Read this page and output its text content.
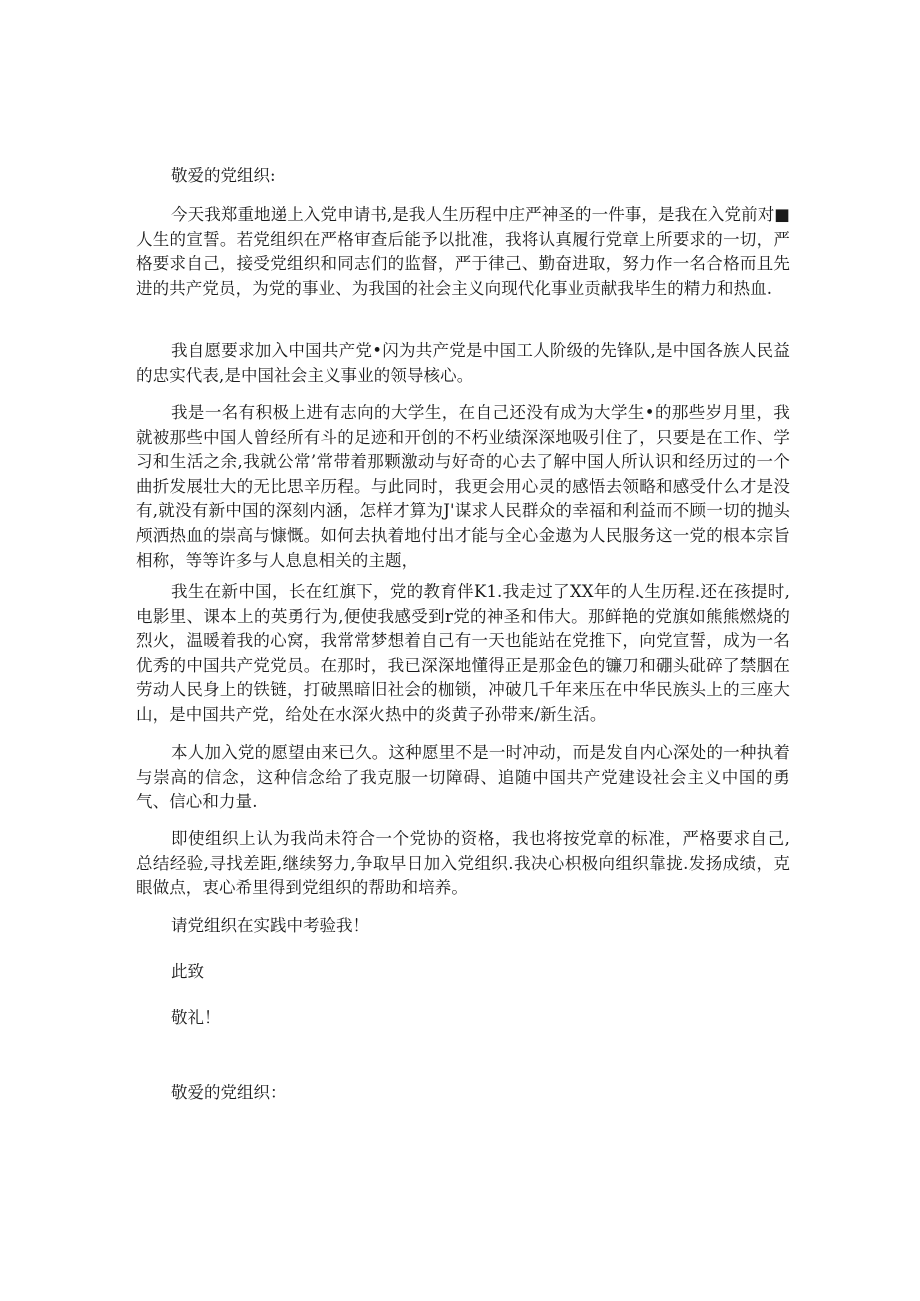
敬爱的党组织:

今天我郑重地递上入党申请书,是我人生历程中庄严神圣的一件事，是我在入党前对■人生的宣誓。若党组织在严格审查后能予以批准，我将认真履行党章上所要求的一切，严格要求自己，接受党组织和同志们的监督，严于律己、勤奋进取，努力作一名合格而且先进的共产党员，为党的事业、为我国的社会主义向现代化事业贡献我毕生的精力和热血.

我自愿要求加入中国共产党•闪为共产党是中国工人阶级的先锋队,是中国各族人民益的忠实代表,是中国社会主义事业的领导核心。

我是一名有积极上进有志向的大学生，在自己还没有成为大学生•的那些岁月里，我就被那些中国人曾经所有斗的足迹和开创的不朽业绩深深地吸引住了，只要是在工作、学习和生活之余,我就公常’常带着那颗激动与好奇的心去了解中国人所认识和经历过的一个曲折发展壮大的无比思辛历程。与此同时，我更会用心灵的感悟去领略和感受什么才是没有,就没有新中国的深刻内涵，怎样才算为J'谋求人民群众的幸福和利益而不顾一切的抛头颅洒热血的崇高与慷慨。如何去执着地付出才能与全心金遨为人民服务这一党的根本宗旨相称，等等许多与人息息相关的主题，

我生在新中国，长在红旗下，党的教育伴K1.我走过了XX年的人生历程.还在孩提时,电影里、课本上的英勇行为,便使我感受到r党的神圣和伟大。那鲜艳的党旗如熊熊燃烧的烈火，温暖着我的心窝，我常常梦想着自己有一天也能站在党推下，向党宣誓，成为一名优秀的中国共产党党员。在那时，我已深深地懂得正是那金色的镰刀和硼头砒碎了禁胭在劳动人民身上的铁链，打破黑暗旧社会的枷锁，冲破几千年来压在中华民族头上的三座大山，是中国共产党，给处在水深火热中的炎黄子孙带来/新生活。

本人加入党的愿望由来已久。这种愿里不是一时冲动，而是发自内心深处的一种执着与崇高的信念，这种信念给了我克服一切障碍、追随中国共产党建设社会主义中国的勇气、信心和力量.

即使组织上认为我尚未符合一个党协的资格，我也将按党章的标准，严格要求自己,总结经验,寻找差距,继续努力,争取早日加入党组织.我决心枳极向组织靠拢.发扬成绩，克眼做点，衷心希里得到党组织的帮助和培养。

请党组织在实践中考验我！

此致

敬礼！

敬爱的党组织：
